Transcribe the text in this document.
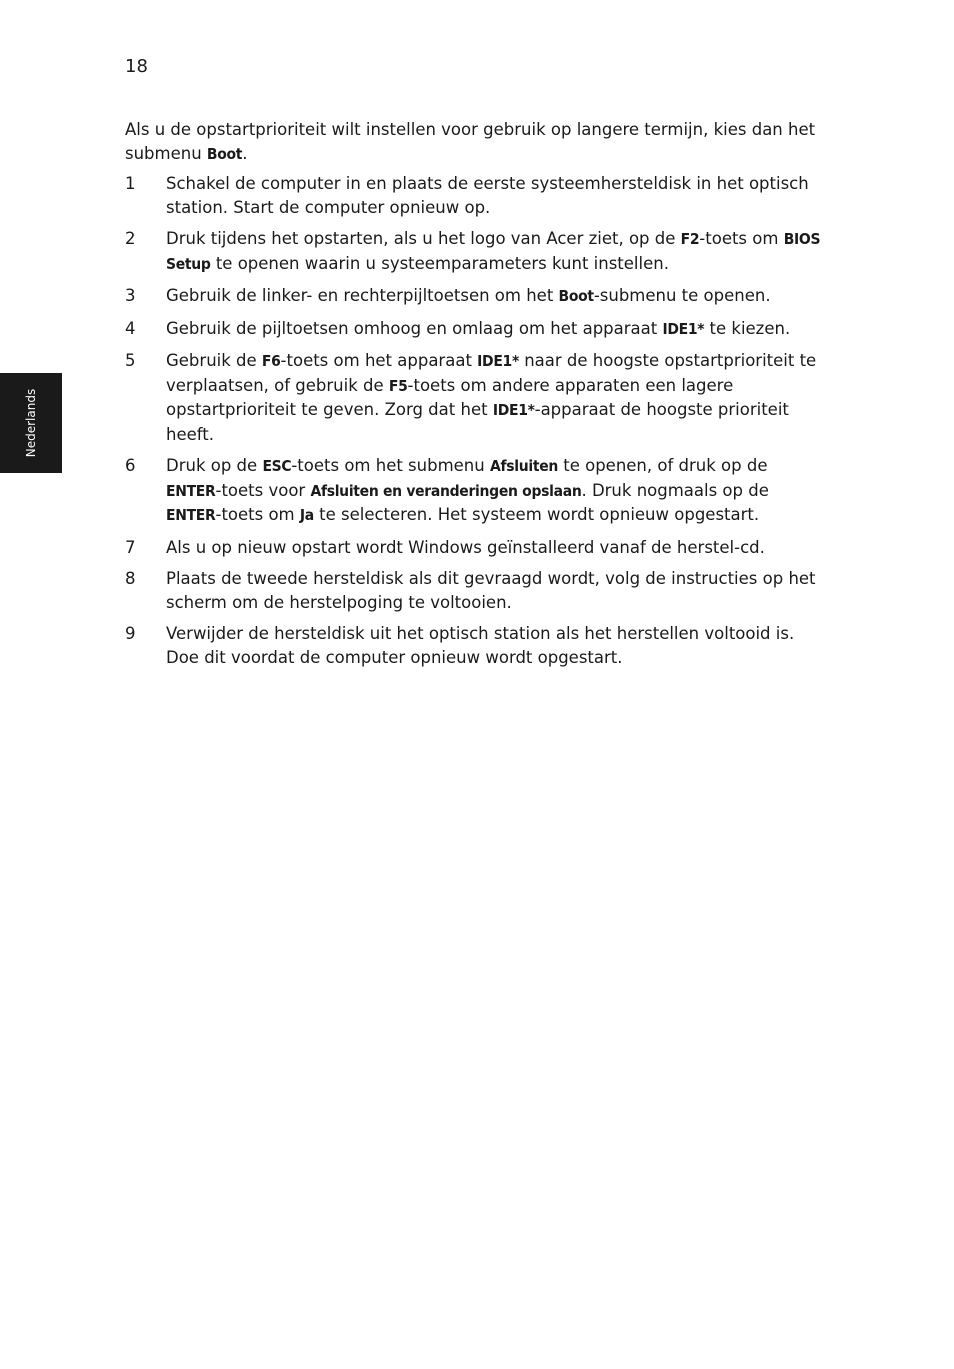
18
Nederlands

Als u de opstartprioriteit wilt instellen voor gebruik op langere termijn, kies dan het submenu Boot.

1	Schakel de computer in en plaats de eerste systeemhersteldisk in het optisch station. Start de computer opnieuw op.
2	Druk tijdens het opstarten, als u het logo van Acer ziet, op de F2-toets om BIOS Setup te openen waarin u systeemparameters kunt instellen.
3	Gebruik de linker- en rechterpijltoetsen om het Boot-submenu te openen.
4	Gebruik de pijltoetsen omhoog en omlaag om het apparaat IDE1* te kiezen.
5	Gebruik de F6-toets om het apparaat IDE1* naar de hoogste opstartprioriteit te verplaatsen, of gebruik de F5-toets om andere apparaten een lagere opstartprioriteit te geven. Zorg dat het IDE1*-apparaat de hoogste prioriteit heeft.
6	Druk op de ESC-toets om het submenu Afsluiten te openen, of druk op de ENTER-toets voor Afsluiten en veranderingen opslaan. Druk nogmaals op de ENTER-toets om Ja te selecteren. Het systeem wordt opnieuw opgestart.
7	Als u op nieuw opstart wordt Windows geïnstalleerd vanaf de herstel-cd.
8	Plaats de tweede hersteldisk als dit gevraagd wordt, volg de instructies op het scherm om de herstelpoging te voltooien.
9	Verwijder de hersteldisk uit het optisch station als het herstellen voltooid is. Doe dit voordat de computer opnieuw wordt opgestart.
